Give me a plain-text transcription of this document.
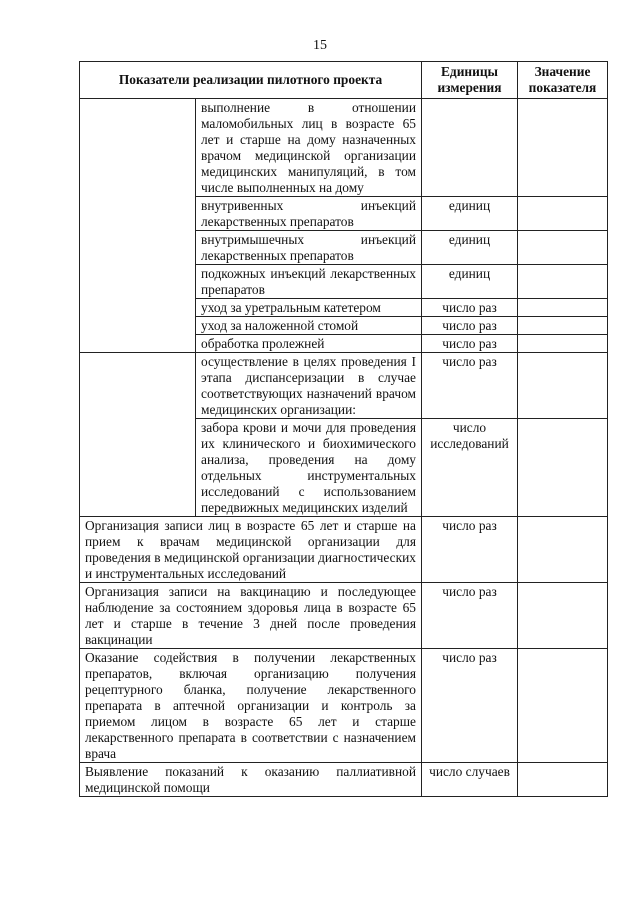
15
Показатели реализации пилотного проекта		Единицы измерения	Значение показателя
	выполнение в отношении маломобильных лиц в возрасте 65 лет и старше на дому назначенных врачом медицинской организации медицинских манипуляций, в том числе выполненных на дому		
	внутривенных инъекций лекарственных препаратов	единиц	
	внутримышечных инъекций лекарственных препаратов	единиц	
	подкожных инъекций лекарственных препаратов	единиц	
	уход за уретральным катетером	число раз	
	уход за наложенной стомой	число раз	
	обработка пролежней	число раз	
	осуществление в целях проведения I этапа диспансеризации в случае соответствующих назначений врачом медицинских организации:	число раз	
	забора крови и мочи для проведения их клинического и биохимического анализа, проведения на дому отдельных инструментальных исследований с использованием передвижных медицинских изделий	число исследований	
Организация записи лиц в возрасте 65 лет и старше на прием к врачам медицинской организации для проведения в медицинской организации диагностических и инструментальных исследований		число раз	
Организация записи на вакцинацию и последующее наблюдение за состоянием здоровья лица в возрасте 65 лет и старше в течение 3 дней после проведения вакцинации		число раз	
Оказание содействия в получении лекарственных препаратов, включая организацию получения рецептурного бланка, получение лекарственного препарата в аптечной организации и контроль за приемом лицом в возрасте 65 лет и старше лекарственного препарата в соответствии с назначением врача		число раз	
Выявление показаний к оказанию паллиативной медицинской помощи		число случаев	
